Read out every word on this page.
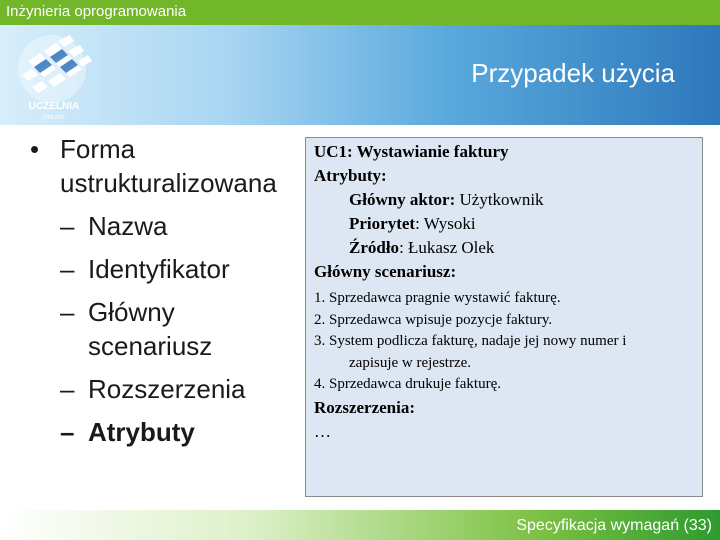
Inżynieria oprogramowania
UCZELNIA
ONLINE
Przypadek użycia
• Forma ustrukturalizowana
– Nazwa
– Identyfikator
– Główny scenariusz
– Rozszerzenia
– Atrybuty
UC1: Wystawianie faktury
Atrybuty:
Główny aktor: Użytkownik
Priorytet: Wysoki
Źródło: Łukasz Olek
Główny scenariusz:
1. Sprzedawca pragnie wystawić fakturę.
2. Sprzedawca wpisuje pozycje faktury.
3. System podlicza fakturę, nadaje jej nowy numer i
zapisuje w rejestrze.
4. Sprzedawca drukuje fakturę.
Rozszerzenia:
…
Specyfikacja wymagań (33)
